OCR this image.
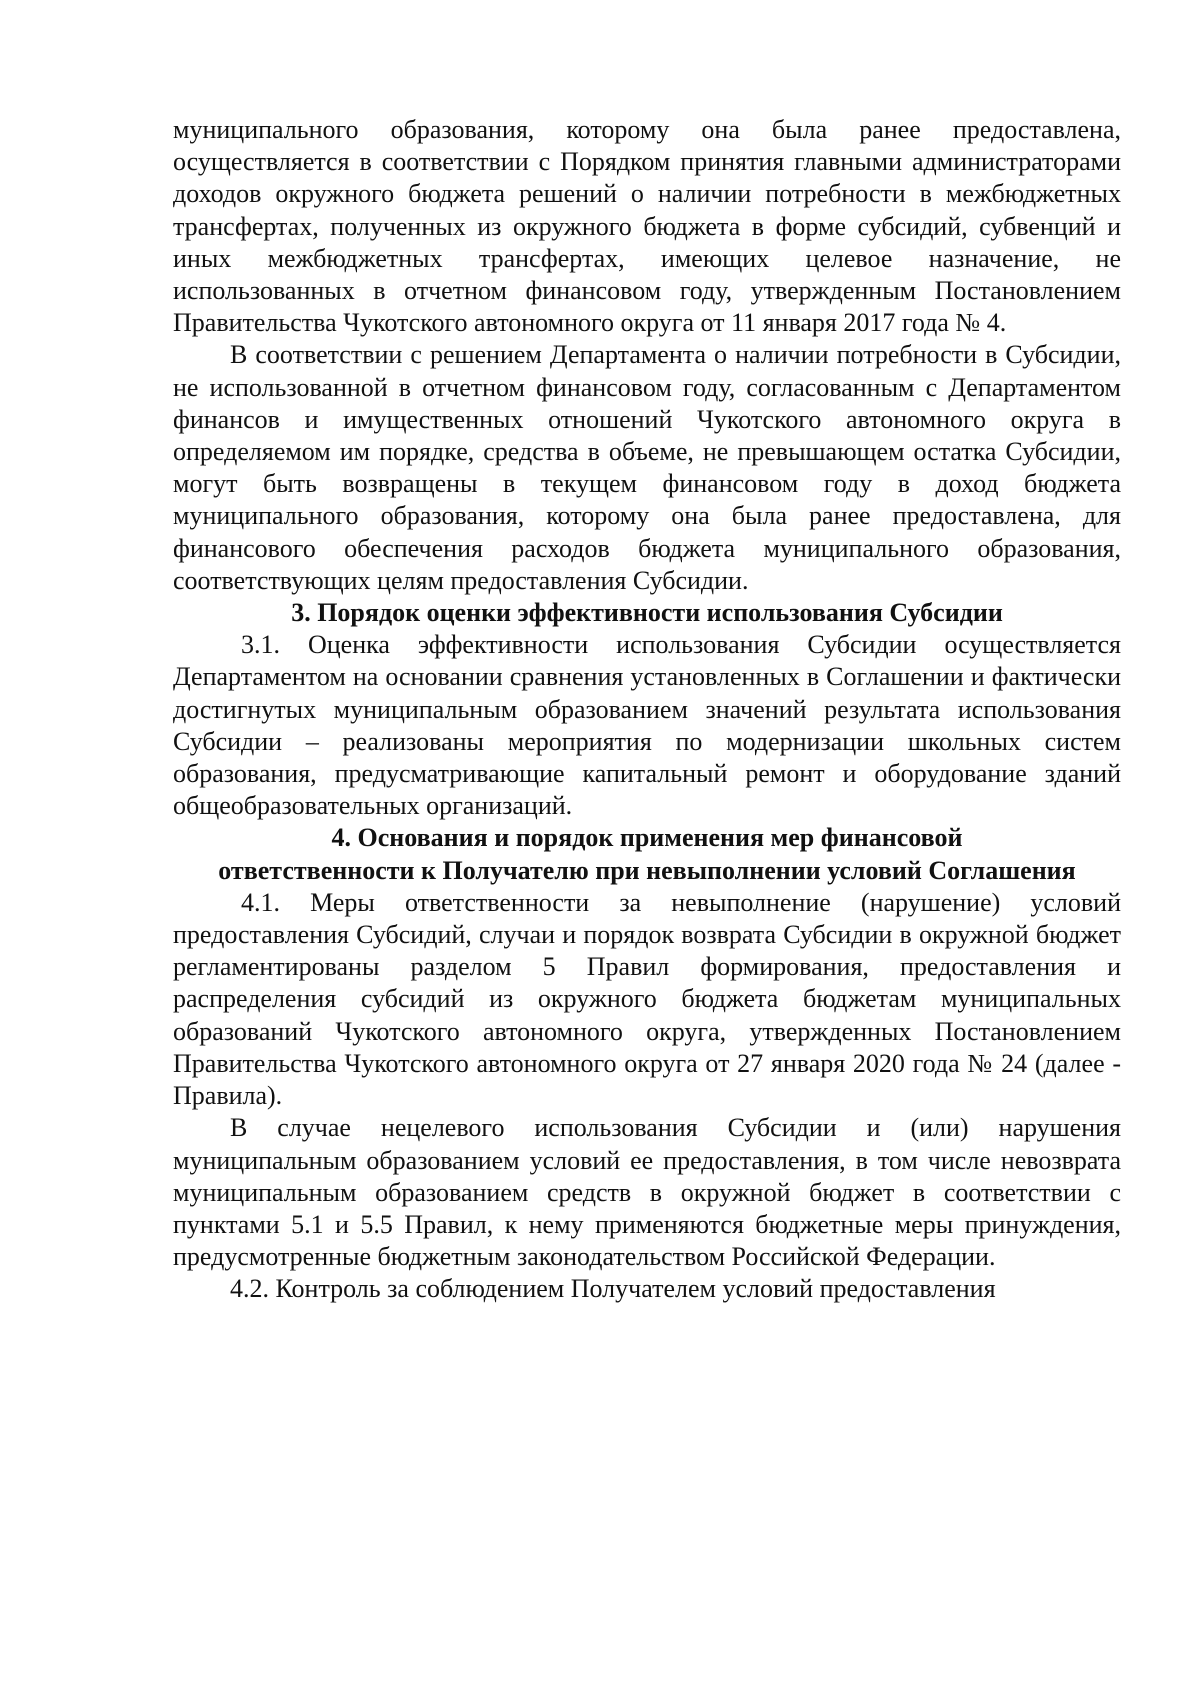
муниципального образования, которому она была ранее предоставлена, осуществляется в соответствии с Порядком принятия главными администраторами доходов окружного бюджета решений о наличии потребности в межбюджетных трансфертах, полученных из окружного бюджета в форме субсидий, субвенций и иных межбюджетных трансфертах, имеющих целевое назначение, не использованных в отчетном финансовом году, утвержденным Постановлением Правительства Чукотского автономного округа от 11 января 2017 года № 4.

В соответствии с решением Департамента о наличии потребности в Субсидии, не использованной в отчетном финансовом году, согласованным с Департаментом финансов и имущественных отношений Чукотского автономного округа в определяемом им порядке, средства в объеме, не превышающем остатка Субсидии, могут быть возвращены в текущем финансовом году в доход бюджета муниципального образования, которому она была ранее предоставлена, для финансового обеспечения расходов бюджета муниципального образования, соответствующих целям предоставления Субсидии.

3. Порядок оценки эффективности использования Субсидии

3.1. Оценка эффективности использования Субсидии осуществляется Департаментом на основании сравнения установленных в Соглашении и фактически достигнутых муниципальным образованием значений результата использования Субсидии – реализованы мероприятия по модернизации школьных систем образования, предусматривающие капитальный ремонт и оборудование зданий общеобразовательных организаций.

4. Основания и порядок применения мер финансовой
ответственности к Получателю при невыполнении условий Соглашения

4.1. Меры ответственности за невыполнение (нарушение) условий предоставления Субсидий, случаи и порядок возврата Субсидии в окружной бюджет регламентированы разделом 5 Правил формирования, предоставления и распределения субсидий из окружного бюджета бюджетам муниципальных образований Чукотского автономного округа, утвержденных Постановлением Правительства Чукотского автономного округа от 27 января 2020 года № 24 (далее - Правила).

В случае нецелевого использования Субсидии и (или) нарушения муниципальным образованием условий ее предоставления, в том числе невозврата муниципальным образованием средств в окружной бюджет в соответствии с пунктами 5.1 и 5.5 Правил, к нему применяются бюджетные меры принуждения, предусмотренные бюджетным законодательством Российской Федерации.

4.2. Контроль за соблюдением Получателем условий предоставления
